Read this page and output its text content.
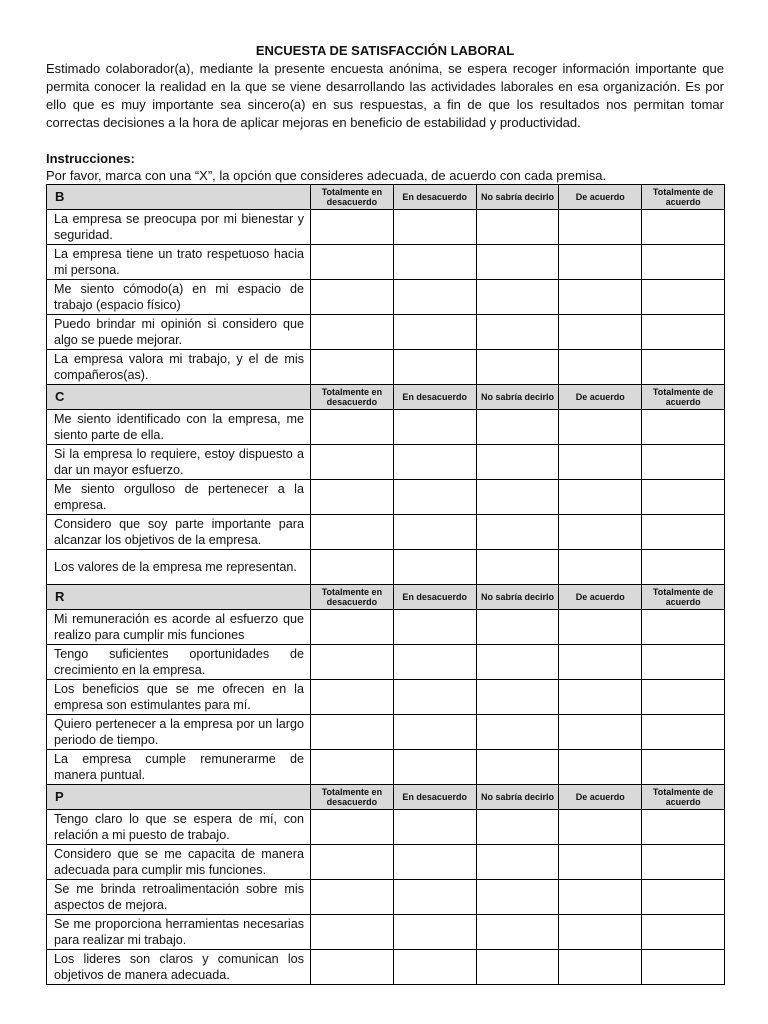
ENCUESTA DE SATISFACCIÓN LABORAL

Estimado colaborador(a), mediante la presente encuesta anónima, se espera recoger información importante que permita conocer la realidad en la que se viene desarrollando las actividades laborales en esa organización. Es por ello que es muy importante sea sincero(a) en sus respuestas, a fin de que los resultados nos permitan tomar correctas decisiones a la hora de aplicar mejoras en beneficio de estabilidad y productividad.

Instrucciones:
Por favor, marca con una “X”, la opción que consideres adecuada, de acuerdo con cada premisa.
B	Totalmente en desacuerdo	En desacuerdo	No sabría decirlo	De acuerdo	Totalmente de acuerdo
La empresa se preocupa por mi bienestar y seguridad.					
La empresa tiene un trato respetuoso hacia mi persona.					
Me siento cómodo(a) en mi espacio de trabajo (espacio físico)					
Puedo brindar mi opinión si considero que algo se puede mejorar.					
La empresa valora mi trabajo, y el de mis compañeros(as).					
C	Totalmente en desacuerdo	En desacuerdo	No sabría decirlo	De acuerdo	Totalmente de acuerdo
Me siento identificado con la empresa, me siento parte de ella.					
Si la empresa lo requiere, estoy dispuesto a dar un mayor esfuerzo.					
Me siento orgulloso de pertenecer a la empresa.					
Considero que soy parte importante para alcanzar los objetivos de la empresa.					
Los valores de la empresa me representan.					
R	Totalmente en desacuerdo	En desacuerdo	No sabría decirlo	De acuerdo	Totalmente de acuerdo
Mi remuneración es acorde al esfuerzo que realizo para cumplir mis funciones					
Tengo suficientes oportunidades de crecimiento en la empresa.					
Los beneficios que se me ofrecen en la empresa son estimulantes para mí.					
Quiero pertenecer a la empresa por un largo periodo de tiempo.					
La empresa cumple remunerarme de manera puntual.					
P	Totalmente en desacuerdo	En desacuerdo	No sabría decirlo	De acuerdo	Totalmente de acuerdo
Tengo claro lo que se espera de mí, con relación a mi puesto de trabajo.					
Considero que se me capacita de manera adecuada para cumplir mis funciones.					
Se me brinda retroalimentación sobre mis aspectos de mejora.					
Se me proporciona herramientas necesarias para realizar mi trabajo.					
Los lideres son claros y comunican los objetivos de manera adecuada.					
